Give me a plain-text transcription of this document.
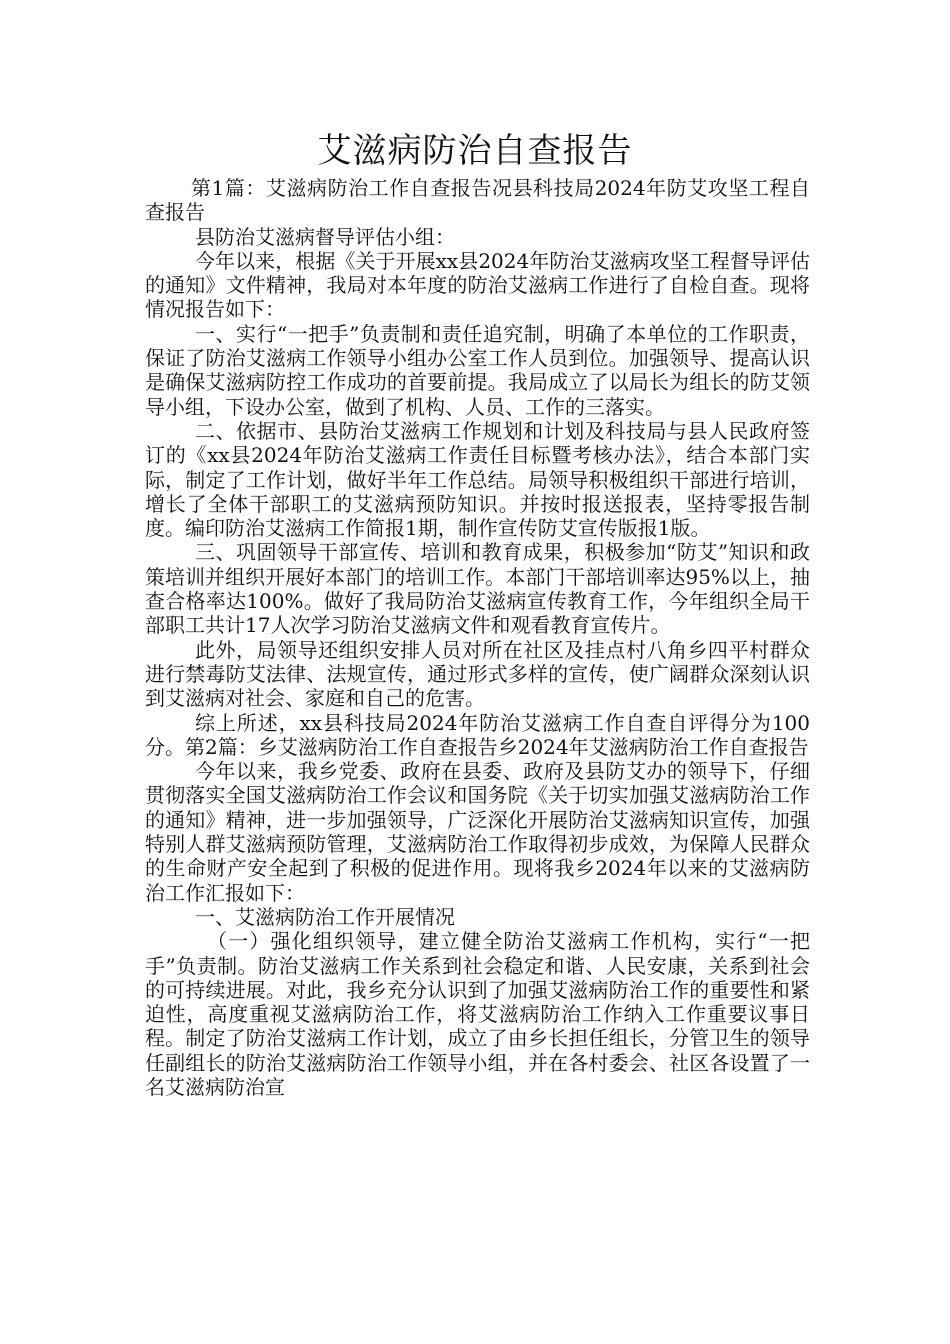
艾滋病防治自查报告

第1篇：艾滋病防治工作自查报告况县科技局2024年防艾攻坚工程自查报告

县防治艾滋病督导评估小组：

今年以来，根据《关于开展xx县2024年防治艾滋病攻坚工程督导评估的通知》文件精神，我局对本年度的防治艾滋病工作进行了自检自查。现将情况报告如下：

一、实行“一把手”负责制和责任追究制，明确了本单位的工作职责，保证了防治艾滋病工作领导小组办公室工作人员到位。加强领导、提高认识是确保艾滋病防控工作成功的首要前提。我局成立了以局长为组长的防艾领导小组，下设办公室，做到了机构、人员、工作的三落实。

二、依据市、县防治艾滋病工作规划和计划及科技局与县人民政府签订的《xx县2024年防治艾滋病工作责任目标暨考核办法》，结合本部门实际，制定了工作计划，做好半年工作总结。局领导积极组织干部进行培训，增长了全体干部职工的艾滋病预防知识。并按时报送报表，坚持零报告制度。编印防治艾滋病工作简报1期，制作宣传防艾宣传版报1版。

三、巩固领导干部宣传、培训和教育成果，积极参加“防艾”知识和政策培训并组织开展好本部门的培训工作。本部门干部培训率达95%以上，抽查合格率达100%。做好了我局防治艾滋病宣传教育工作，今年组织全局干部职工共计17人次学习防治艾滋病文件和观看教育宣传片。

此外，局领导还组织安排人员对所在社区及挂点村八角乡四平村群众进行禁毒防艾法律、法规宣传，通过形式多样的宣传，使广阔群众深刻认识到艾滋病对社会、家庭和自己的危害。

综上所述，xx县科技局2024年防治艾滋病工作自查自评得分为100分。第2篇：乡艾滋病防治工作自查报告乡2024年艾滋病防治工作自查报告

今年以来，我乡党委、政府在县委、政府及县防艾办的领导下，仔细贯彻落实全国艾滋病防治工作会议和国务院《关于切实加强艾滋病防治工作的通知》精神，进一步加强领导，广泛深化开展防治艾滋病知识宣传，加强特别人群艾滋病预防管理，艾滋病防治工作取得初步成效，为保障人民群众的生命财产安全起到了积极的促进作用。现将我乡2024年以来的艾滋病防治工作汇报如下：

一、艾滋病防治工作开展情况

（一）强化组织领导，建立健全防治艾滋病工作机构，实行“一把手”负责制。防治艾滋病工作关系到社会稳定和谐、人民安康，关系到社会的可持续进展。对此，我乡充分认识到了加强艾滋病防治工作的重要性和紧迫性，高度重视艾滋病防治工作，将艾滋病防治工作纳入工作重要议事日程。制定了防治艾滋病工作计划，成立了由乡长担任组长，分管卫生的领导任副组长的防治艾滋病防治工作领导小组，并在各村委会、社区各设置了一名艾滋病防治宣
